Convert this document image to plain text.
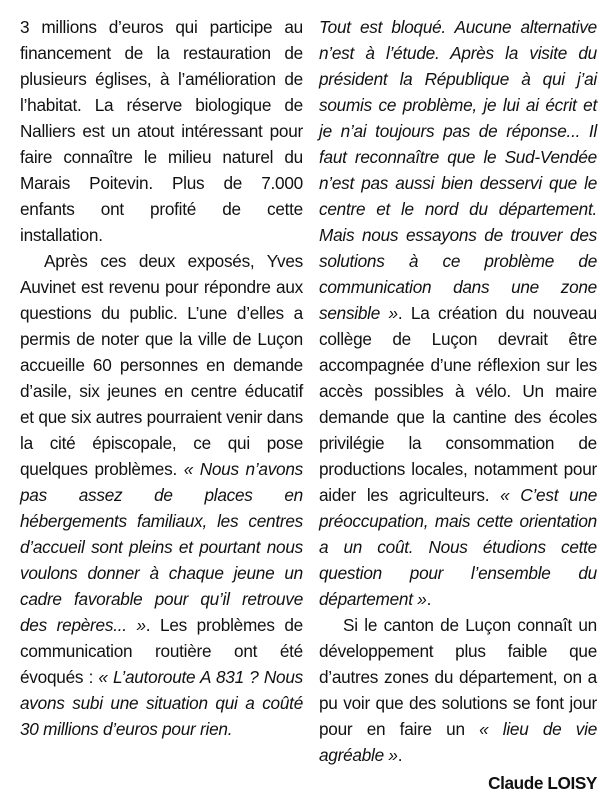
3 millions d’euros qui participe au financement de la restauration de plusieurs églises, à l’amélioration de l’habitat. La réserve biologique de Nalliers est un atout intéressant pour faire connaître le milieu naturel du Marais Poitevin. Plus de 7.000 enfants ont profité de cette installation.

Après ces deux exposés, Yves Auvinet est revenu pour répondre aux questions du public. L’une d’elles a permis de noter que la ville de Luçon accueille 60 personnes en demande d’asile, six jeunes en centre éducatif et que six autres pourraient venir dans la cité épiscopale, ce qui pose quelques problèmes. « Nous n’avons pas assez de places en hébergements familiaux, les centres d’accueil sont pleins et pourtant nous voulons donner à chaque jeune un cadre favorable pour qu’il retrouve des repères... ». Les problèmes de communication routière ont été évoqués : « L’autoroute A 831 ? Nous avons subi une situation qui a coûté 30 millions d’euros pour rien.

Tout est bloqué. Aucune alternative n’est à l’étude. Après la visite du président la République à qui j’ai soumis ce problème, je lui ai écrit et je n’ai toujours pas de réponse... Il faut reconnaître que le Sud-Vendée n’est pas aussi bien desservi que le centre et le nord du département. Mais nous essayons de trouver des solutions à ce problème de communication dans une zone sensible ». La création du nouveau collège de Luçon devrait être accompagnée d’une réflexion sur les accès possibles à vélo. Un maire demande que la cantine des écoles privilégie la consommation de productions locales, notamment pour aider les agriculteurs. « C’est une préoccupation, mais cette orientation a un coût. Nous étudions cette question pour l’ensemble du département ».

Si le canton de Luçon connaît un développement plus faible que d’autres zones du département, on a pu voir que des solutions se font jour pour en faire un « lieu de vie agréable ».

Claude LOISY
